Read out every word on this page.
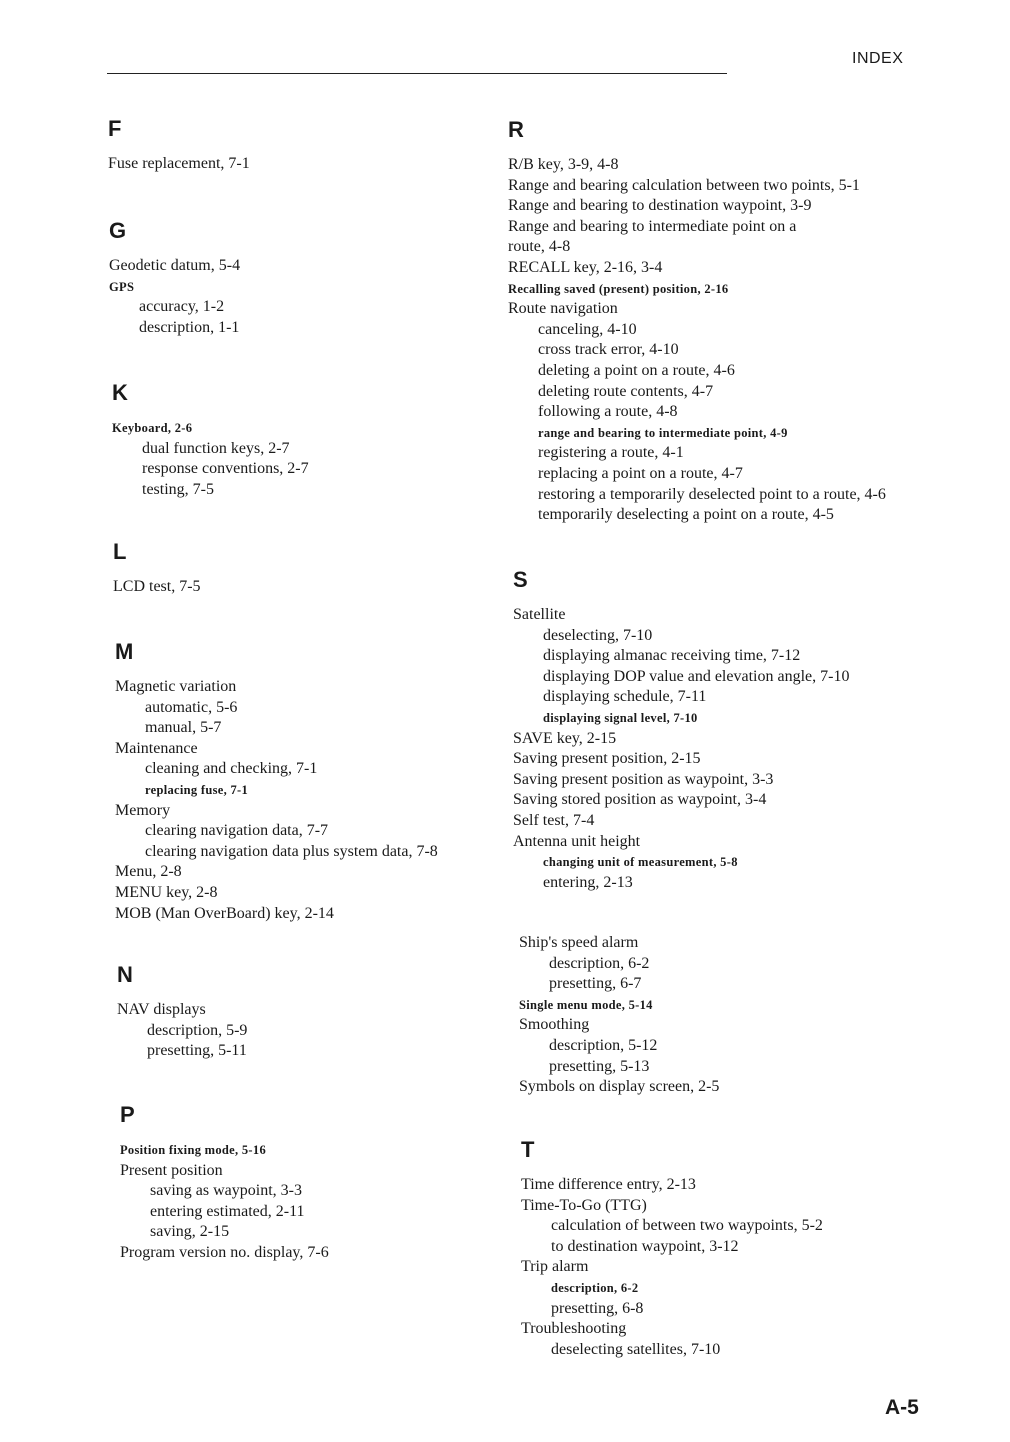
INDEX
F
Fuse replacement, 7-1
G
Geodetic datum, 5-4
GPS
accuracy, 1-2
description, 1-1
K
Keyboard, 2-6
dual function keys, 2-7
response conventions, 2-7
testing, 7-5
L
LCD test, 7-5
M
Magnetic variation
automatic, 5-6
manual, 5-7
Maintenance
cleaning and checking, 7-1
replacing fuse, 7-1
Memory
clearing navigation data, 7-7
clearing navigation data plus system data, 7-8
Menu, 2-8
MENU key, 2-8
MOB (Man OverBoard) key, 2-14
N
NAV displays
description, 5-9
presetting, 5-11
P
Position fixing mode, 5-16
Present position
saving as waypoint, 3-3
entering estimated, 2-11
saving, 2-15
Program version no. display, 7-6
R
R/B key, 3-9, 4-8
Range and bearing calculation between two points, 5-1
Range and bearing to destination waypoint, 3-9
Range and bearing to intermediate point on a
route, 4-8
RECALL key, 2-16, 3-4
Recalling saved (present) position, 2-16
Route navigation
canceling, 4-10
cross track error, 4-10
deleting a point on a route, 4-6
deleting route contents, 4-7
following a route, 4-8
range and bearing to intermediate point, 4-9
registering a route, 4-1
replacing a point on a route, 4-7
restoring a temporarily deselected point to a route, 4-6
temporarily deselecting a point on a route, 4-5
S
Satellite
deselecting, 7-10
displaying almanac receiving time, 7-12
displaying DOP value and elevation angle, 7-10
displaying schedule, 7-11
displaying signal level, 7-10
SAVE key, 2-15
Saving present position, 2-15
Saving present position as waypoint, 3-3
Saving stored position as waypoint, 3-4
Self test, 7-4
Antenna unit height
changing unit of measurement, 5-8
entering, 2-13
Ship's speed alarm
description, 6-2
presetting, 6-7
Single menu mode, 5-14
Smoothing
description, 5-12
presetting, 5-13
Symbols on display screen, 2-5
T
Time difference entry, 2-13
Time-To-Go (TTG)
calculation of between two waypoints, 5-2
to destination waypoint, 3-12
Trip alarm
description, 6-2
presetting, 6-8
Troubleshooting
deselecting satellites, 7-10
A-5
